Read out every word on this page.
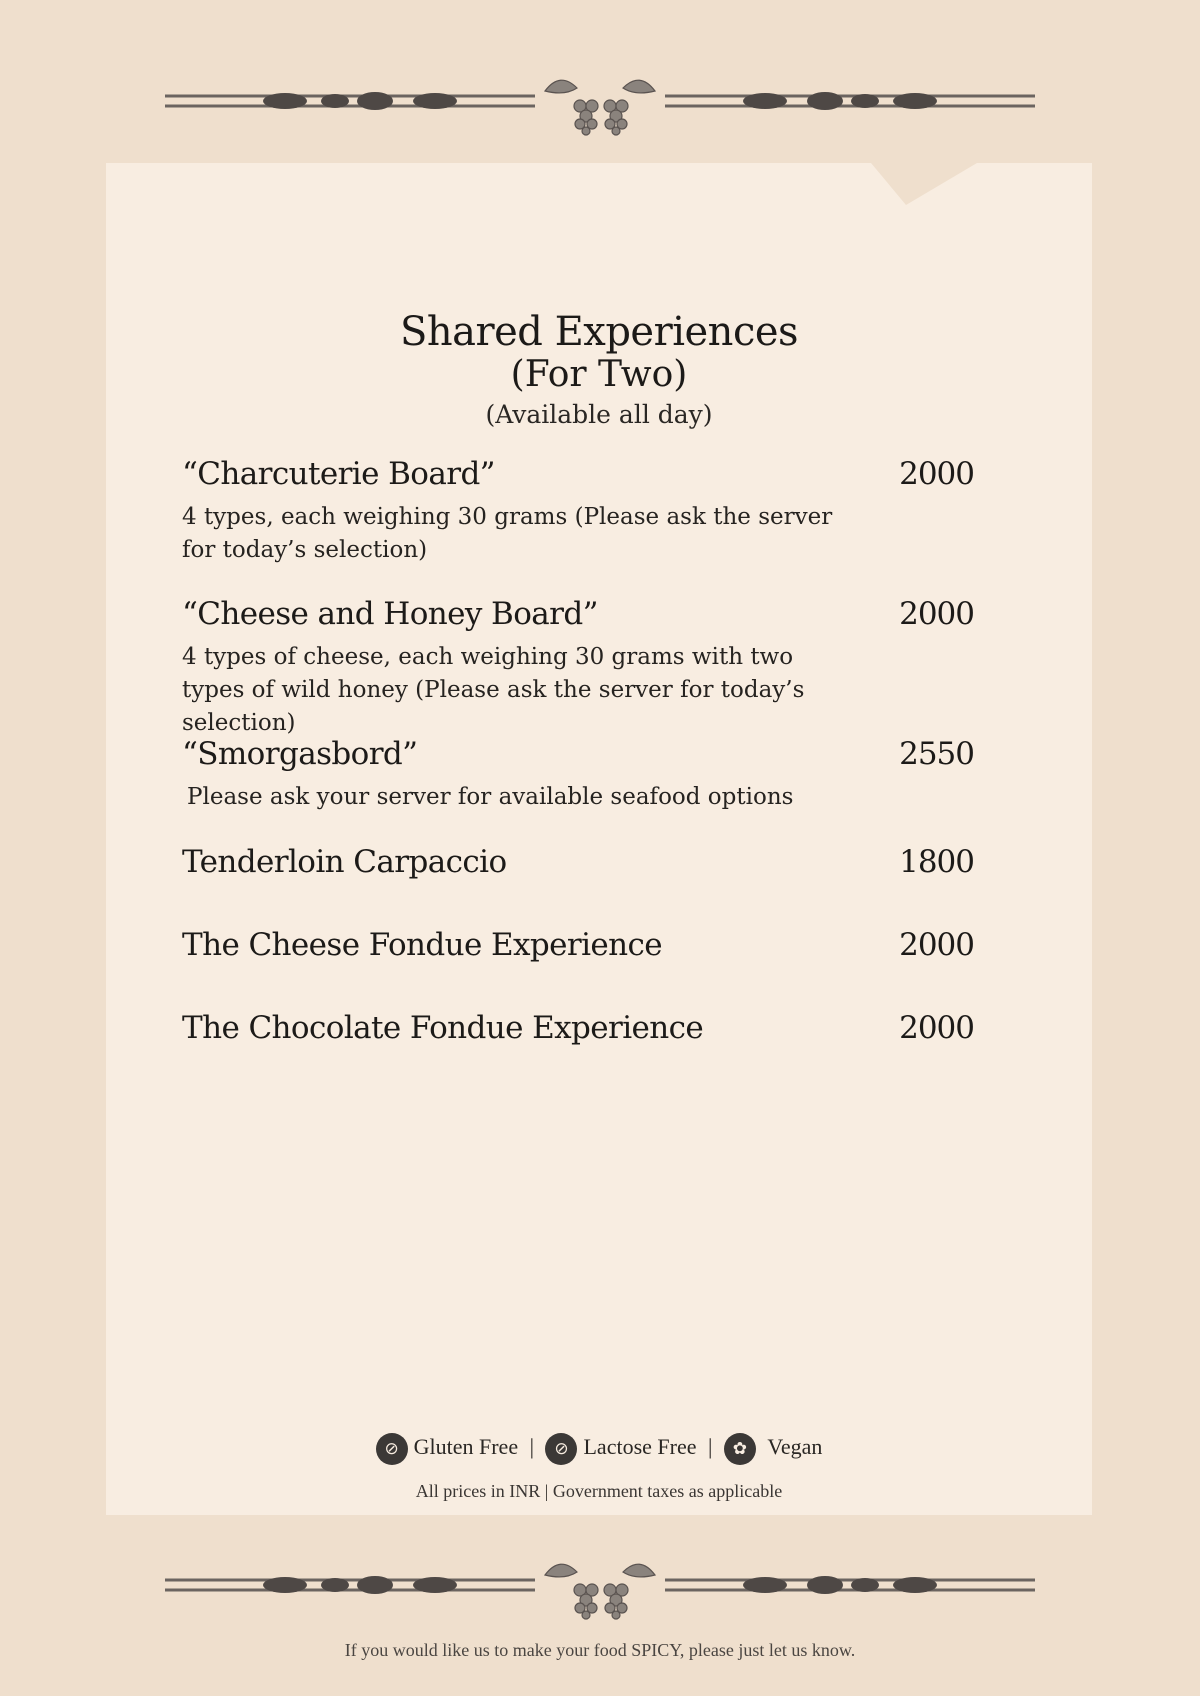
Shared Experiences
(For Two)
(Available all day)
“Charcuterie Board”	2000
4 types, each weighing 30 grams (Please ask the server for today’s selection)
“Cheese and Honey Board”	2000
4 types of cheese, each weighing 30 grams with two types of wild honey (Please ask the server for today’s selection)
“Smorgasbord”	2550
Please ask your server for available seafood options
Tenderloin Carpaccio	1800
The Cheese Fondue Experience	2000
The Chocolate Fondue Experience	2000
⊘ Gluten Free | ⊘ Lactose Free | ✿ Vegan
All prices in INR | Government taxes as applicable
If you would like us to make your food SPICY, please just let us know.
